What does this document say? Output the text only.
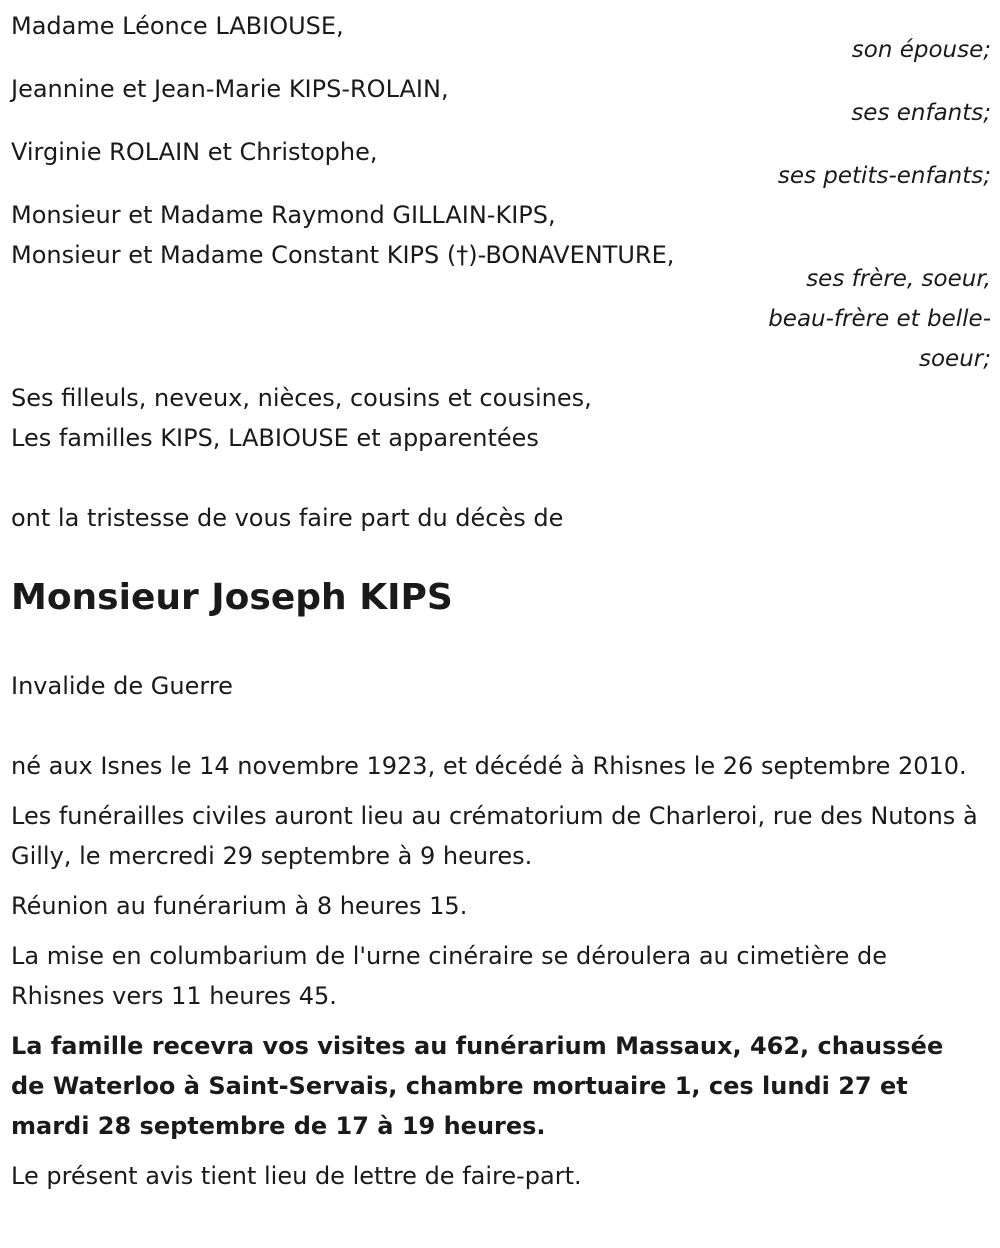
Madame Léonce LABIOUSE,
son épouse;
Jeannine et Jean-Marie KIPS-ROLAIN,
ses enfants;
Virginie ROLAIN et Christophe,
ses petits-enfants;
Monsieur et Madame Raymond GILLAIN-KIPS,
Monsieur et Madame Constant KIPS (†)-BONAVENTURE,
ses frère, soeur,
beau-frère et belle-
soeur;
Ses filleuls, neveux, nièces, cousins et cousines,
Les familles KIPS, LABIOUSE et apparentées
ont la tristesse de vous faire part du décès de
Monsieur Joseph KIPS
Invalide de Guerre

né aux Isnes le 14 novembre 1923, et décédé à Rhisnes le 26 septembre 2010.

Les funérailles civiles auront lieu au crématorium de Charleroi, rue des Nutons à Gilly, le mercredi 29 septembre à 9 heures.

Réunion au funérarium à 8 heures 15.

La mise en columbarium de l'urne cinéraire se déroulera au cimetière de Rhisnes vers 11 heures 45.

La famille recevra vos visites au funérarium Massaux, 462, chaussée de Waterloo à Saint-Servais, chambre mortuaire 1, ces lundi 27 et mardi 28 septembre de 17 à 19 heures.

Le présent avis tient lieu de lettre de faire-part.
